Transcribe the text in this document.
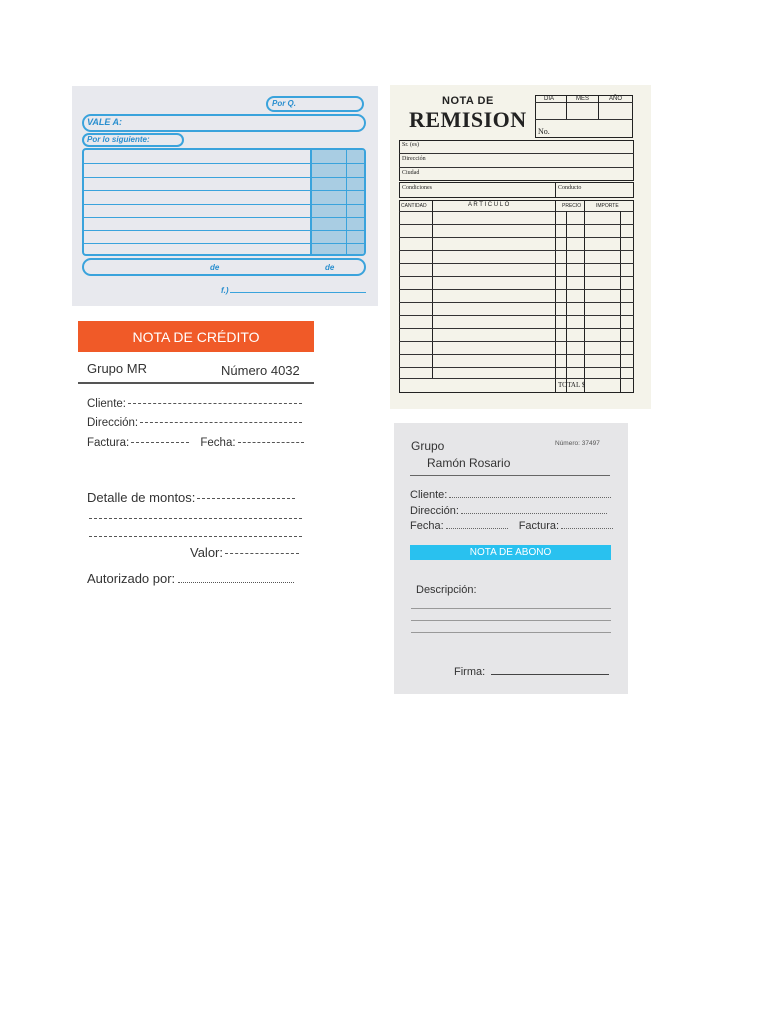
Por Q.
VALE A:
Por lo siguiente:
de	de
f.)
NOTA DE
REMISION
DIA	MES	AÑO
No.
Sr. (es)
Dirección
Ciudad
Condiciones	Conducto
CANTIDAD	A R T I C U L O	PRECIO	IMPORTE
TOTAL $
NOTA DE CRÉDITO
Grupo MR	Número 4032
Cliente:
Dirección:
Factura:	Fecha:
Detalle de montos:
Valor:
Autorizado por:
Grupo
Ramón Rosario
Número: 37497
Cliente:
Dirección:
Fecha:	Factura:
NOTA DE ABONO
Descripción:
Firma:
